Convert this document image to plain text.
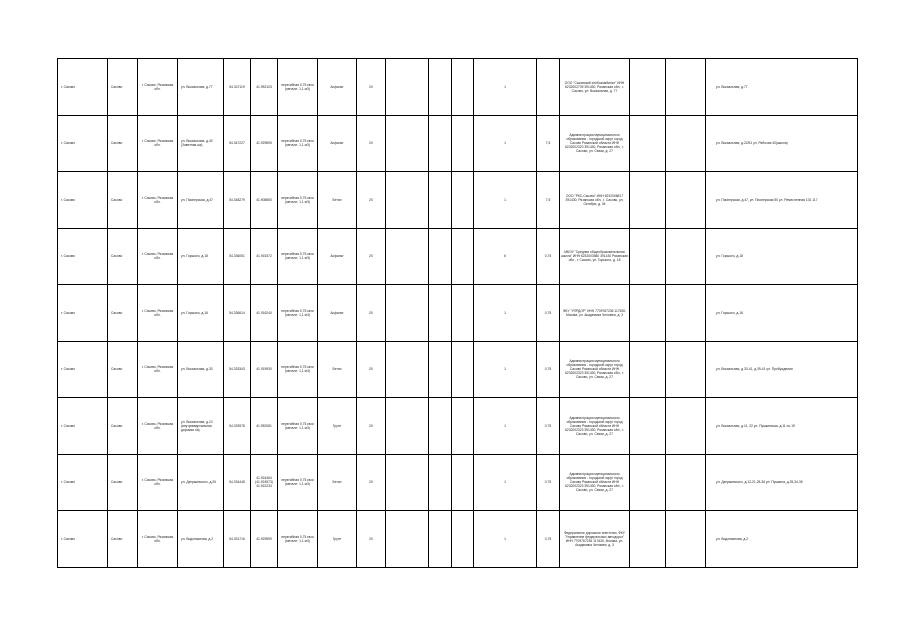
г. Сасово	Сасово	г. Сасово, Рязанская обл.	ул. Вокзальная, д.77	54.347119	41.952103	перегибная 0,75 кв.м (металл. 1,1 м3)	Асфальт	20				1		ООО "Сасовский хлебокомбинат" ИНН 6232002739 391430, Рязанская обл., г. Сасово, ул. Вокзальная, д. 77			ул. Вокзальная, д.77
г. Сасово	Сасово	г. Сасово, Рязанская обл.	ул. Вокзальная, д.40 (Заветная шк)	54.347227	41.929895	перегибная 0,75 кв.м (металл. 1,1 м3)	Асфальт	20				1	7,5	Администрация муниципального образования - городской округ город Сасово Рязанской области ИНН 6232002323 391430, Рязанская обл., г. Сасово, ул. Связи, д. 27			ул. Вокзальная, д.22/51 ул. Рабочая 40(школа)
г. Сасово	Сасово	г. Сасово, Рязанская обл.	ул. Пионерская, д.47	54.348279	41.908850	перегибная 0,75 кв.м (металл. 1,1 м3)	Бетон	20				1	7,5	ООО "РКС-Сасово" ИНН 6232006817 391430, Рязанская обл., г. Сасово, ул. Октября, д. 34			ул. Пионерская, д.47, ул. Пионерская 50 ул. Ремесленная 101 117
г. Сасово	Сасово	г. Сасово, Рязанская обл.	ул. Горького, д.18	54.336051	41.915372	перегибная 0,75 кв.м (металл. 1,1 м3)	Асфальт	20				6	0,75	МБОУ "Средняя общеобразовательная школа" ИНН 6232003580 391430 Рязанская обл., г. Сасово, ул. Горького, д. 18			ул. Горького, д.18
г. Сасово	Сасово	г. Сасово, Рязанская обл.	ул. Горького, д.16	54.336614	41.916240	перегибная 0,75 кв.м (металл. 1,1 м3)	Асфальт	20				1	0,75	ФКУ "УПРДОР" ИНН 7709767236 117630, Москва, ул. Академика Челомея, д. 3			ул. Горького, д.16
г. Сасово	Сасово	г. Сасово, Рязанская обл.	ул. Вокзальная, д.33	54.333343	41.919930	перегибная 0,75 кв.м (металл. 1,1 м3)	Бетон	20				1	0,75	Администрация муниципального образования - городской округ город Сасово Рязанской области ИНН 6232002323 391430, Рязанская обл., г. Сасово, ул. Связи, д. 27			ул. Вокзальная, д.33-41, д.39-41 ул. Пробуждения
г. Сасово	Сасово	г. Сасово, Рязанская обл.	ул. Вокзальная, д.10 (внутриквартальная дорожка 4a)	54.333978	41.952081	перегибная 0,75 кв.м (металл. 1,1 м3)	Грунт	20				1	0,75	Администрация муниципального образования - городской округ город Сасово Рязанской области ИНН 6232002323 391430, Рязанская обл., г. Сасово, ул. Связи, д. 27			ул. Вокзальная, д.11, 22 ул. Пушкинская, д.11 по 19
г. Сасово	Сасово	г. Сасово, Рязанская обл.	ул. Дзержинского, д.26	54.334448	41.924464 (41.924573) 41.922234	перегибная 0,75 кв.м (металл. 1,1 м3)	Бетон	20				1	0,75	Администрация муниципального образования - городской округ город Сасово Рязанской области ИНН 6232002323 391430, Рязанская обл., г. Сасово, ул. Связи, д. 27			ул. Дзержинского, д.12-21,28-36 ул. Пушкина, д.25,34-36
г. Сасово	Сасово	г. Сасово, Рязанская обл.	ул. Водопьянова, д.2	54.331716	41.929599	перегибная 0,75 кв.м (металл. 1,1 м3)	Грунт	20				1	0,75	Федеральное дорожное агентство, ФКУ "Управление федеральных автодорог" ИНН 7709767236 117630, Москва, ул. Академика Челомея, д. 3			ул. Водопьянова, д.2
